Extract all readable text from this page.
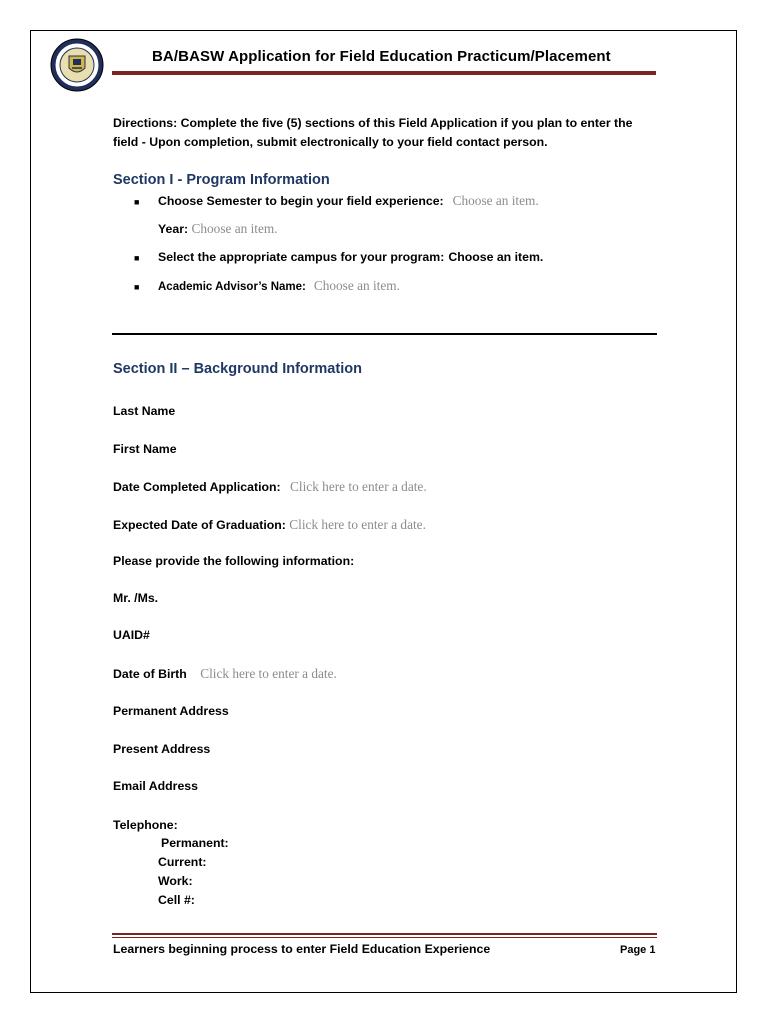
BA/BASW Application for Field Education Practicum/Placement
Directions: Complete the five (5) sections of this Field Application if you plan to enter the field - Upon completion, submit electronically to your field contact person.
Section I - Program Information
■	Choose Semester to begin your field experience: Choose an item.
Year: Choose an item.
■	Select the appropriate campus for your program: Choose an item.
■	Academic Advisor’s Name: Choose an item.
Section II – Background Information
Last Name
First Name
Date Completed Application: Click here to enter a date.
Expected Date of Graduation: Click here to enter a date.
Please provide the following information:
Mr. /Ms.
UAID#
Date of Birth Click here to enter a date.
Permanent Address
Present Address
Email Address
Telephone:
Permanent:
Current:
Work:
Cell #:
Learners beginning process to enter Field Education Experience	Page 1
